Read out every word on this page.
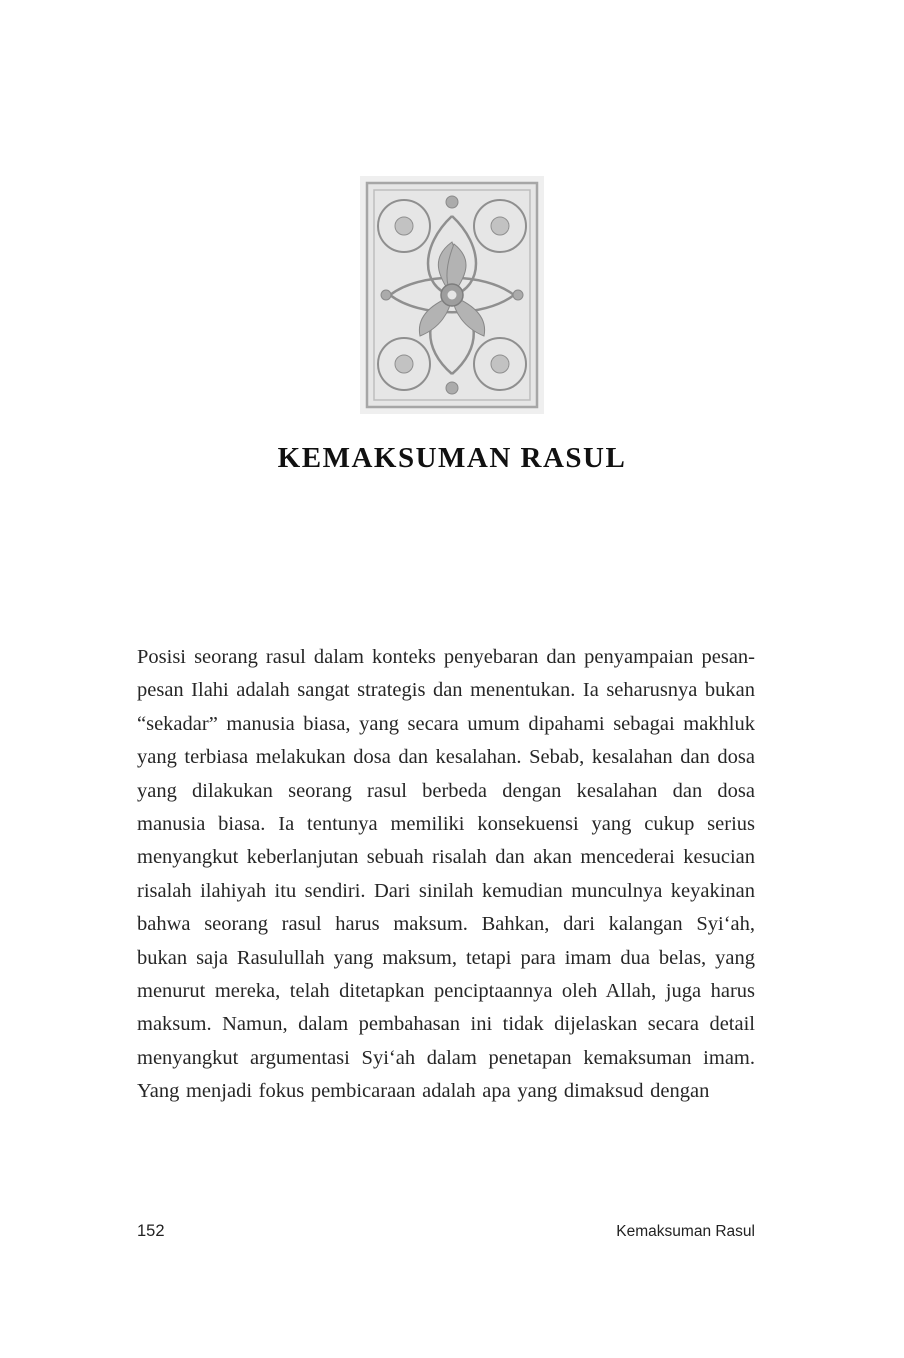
KEMAKSUMAN RASUL

Posisi seorang rasul dalam konteks penyebaran dan penyampaian pesan-pesan Ilahi adalah sangat strategis dan menentukan. Ia seharusnya bukan “sekadar” manusia biasa, yang secara umum dipahami sebagai makhluk yang terbiasa melakukan dosa dan kesalahan. Sebab, kesalahan dan dosa yang dilakukan seorang rasul berbeda dengan kesalahan dan dosa manusia biasa. Ia tentunya memiliki konsekuensi yang cukup serius menyangkut keberlanjutan sebuah risalah dan akan mencederai kesucian risalah ilahiyah itu sendiri. Dari sinilah kemudian munculnya keyakinan bahwa seorang rasul harus maksum. Bahkan, dari kalangan Syi‘ah, bukan saja Rasulullah yang maksum, tetapi para imam dua belas, yang menurut mereka, telah ditetapkan penciptaannya oleh Allah, juga harus maksum. Namun, dalam pembahasan ini tidak dijelaskan secara detail menyangkut argumentasi Syi‘ah dalam penetapan kemaksuman imam. Yang menjadi fokus pembicaraan adalah apa yang dimaksud dengan

152	Kemaksuman Rasul
